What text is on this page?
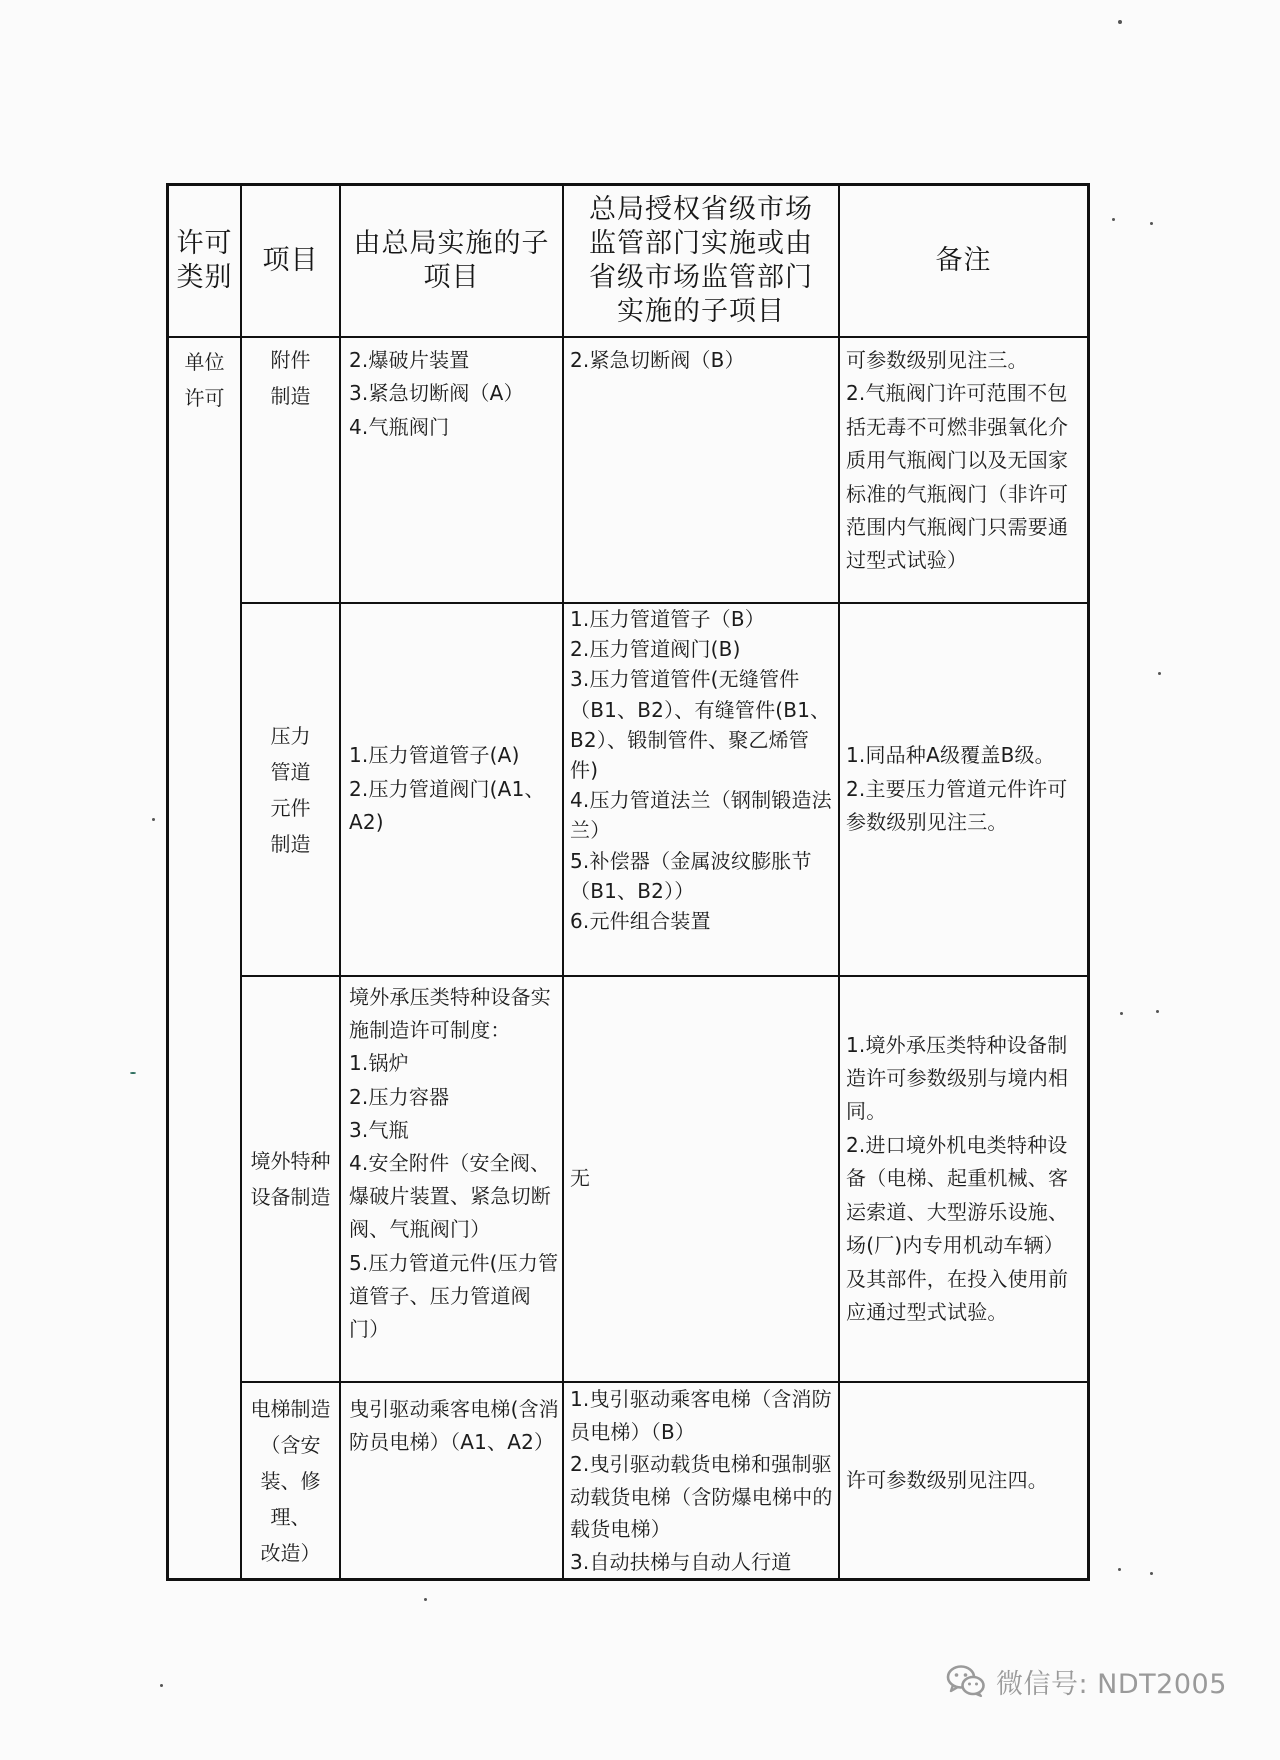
许可
类别
项目
由总局实施的子
项目
总局授权省级市场
监管部门实施或由
省级市场监管部门
实施的子项目
备注
单位
许可
附件
制造

2.爆破片装置

3.紧急切断阀（A）

4.气瓶阀门

2.紧急切断阀（B）	可参数级别见注三。

2.气瓶阀门许可范围不包括无毒不可燃非强氧化介质用气瓶阀门以及无国家标准的气瓶阀门（非许可范围内气瓶阀门只需要通过型式试验）

压力
管道
元件
制造

1.压力管道管子(A)

2.压力管道阀门(A1、A2)

1.压力管道管子（B）

2.压力管道阀门(B)

3.压力管道管件(无缝管件（B1、B2）、有缝管件(B1、B2）、锻制管件、聚乙烯管件)

4.压力管道法兰（钢制锻造法兰）

5.补偿器（金属波纹膨胀节（B1、B2））

6.元件组合装置

1.同品种A级覆盖B级。

2.主要压力管道元件许可参数级别见注三。

境外特种
设备制造

境外承压类特种设备实施制造许可制度：

1.锅炉

2.压力容器

3.气瓶

4.安全附件（安全阀、爆破片装置、紧急切断阀、气瓶阀门）

5.压力管道元件(压力管道管子、压力管道阀门）

无

1.境外承压类特种设备制造许可参数级别与境内相同。

2.进口境外机电类特种设备（电梯、起重机械、客运索道、大型游乐设施、场(厂)内专用机动车辆）及其部件，在投入使用前应通过型式试验。

电梯制造
（含安
装、修理、
改造）

曳引驱动乘客电梯(含消防员电梯）（A1、A2）

1.曳引驱动乘客电梯（含消防员电梯）（B）

2.曳引驱动载货电梯和强制驱动载货电梯（含防爆电梯中的载货电梯）

3.自动扶梯与自动人行道

许可参数级别见注四。

微信号: NDT2005
